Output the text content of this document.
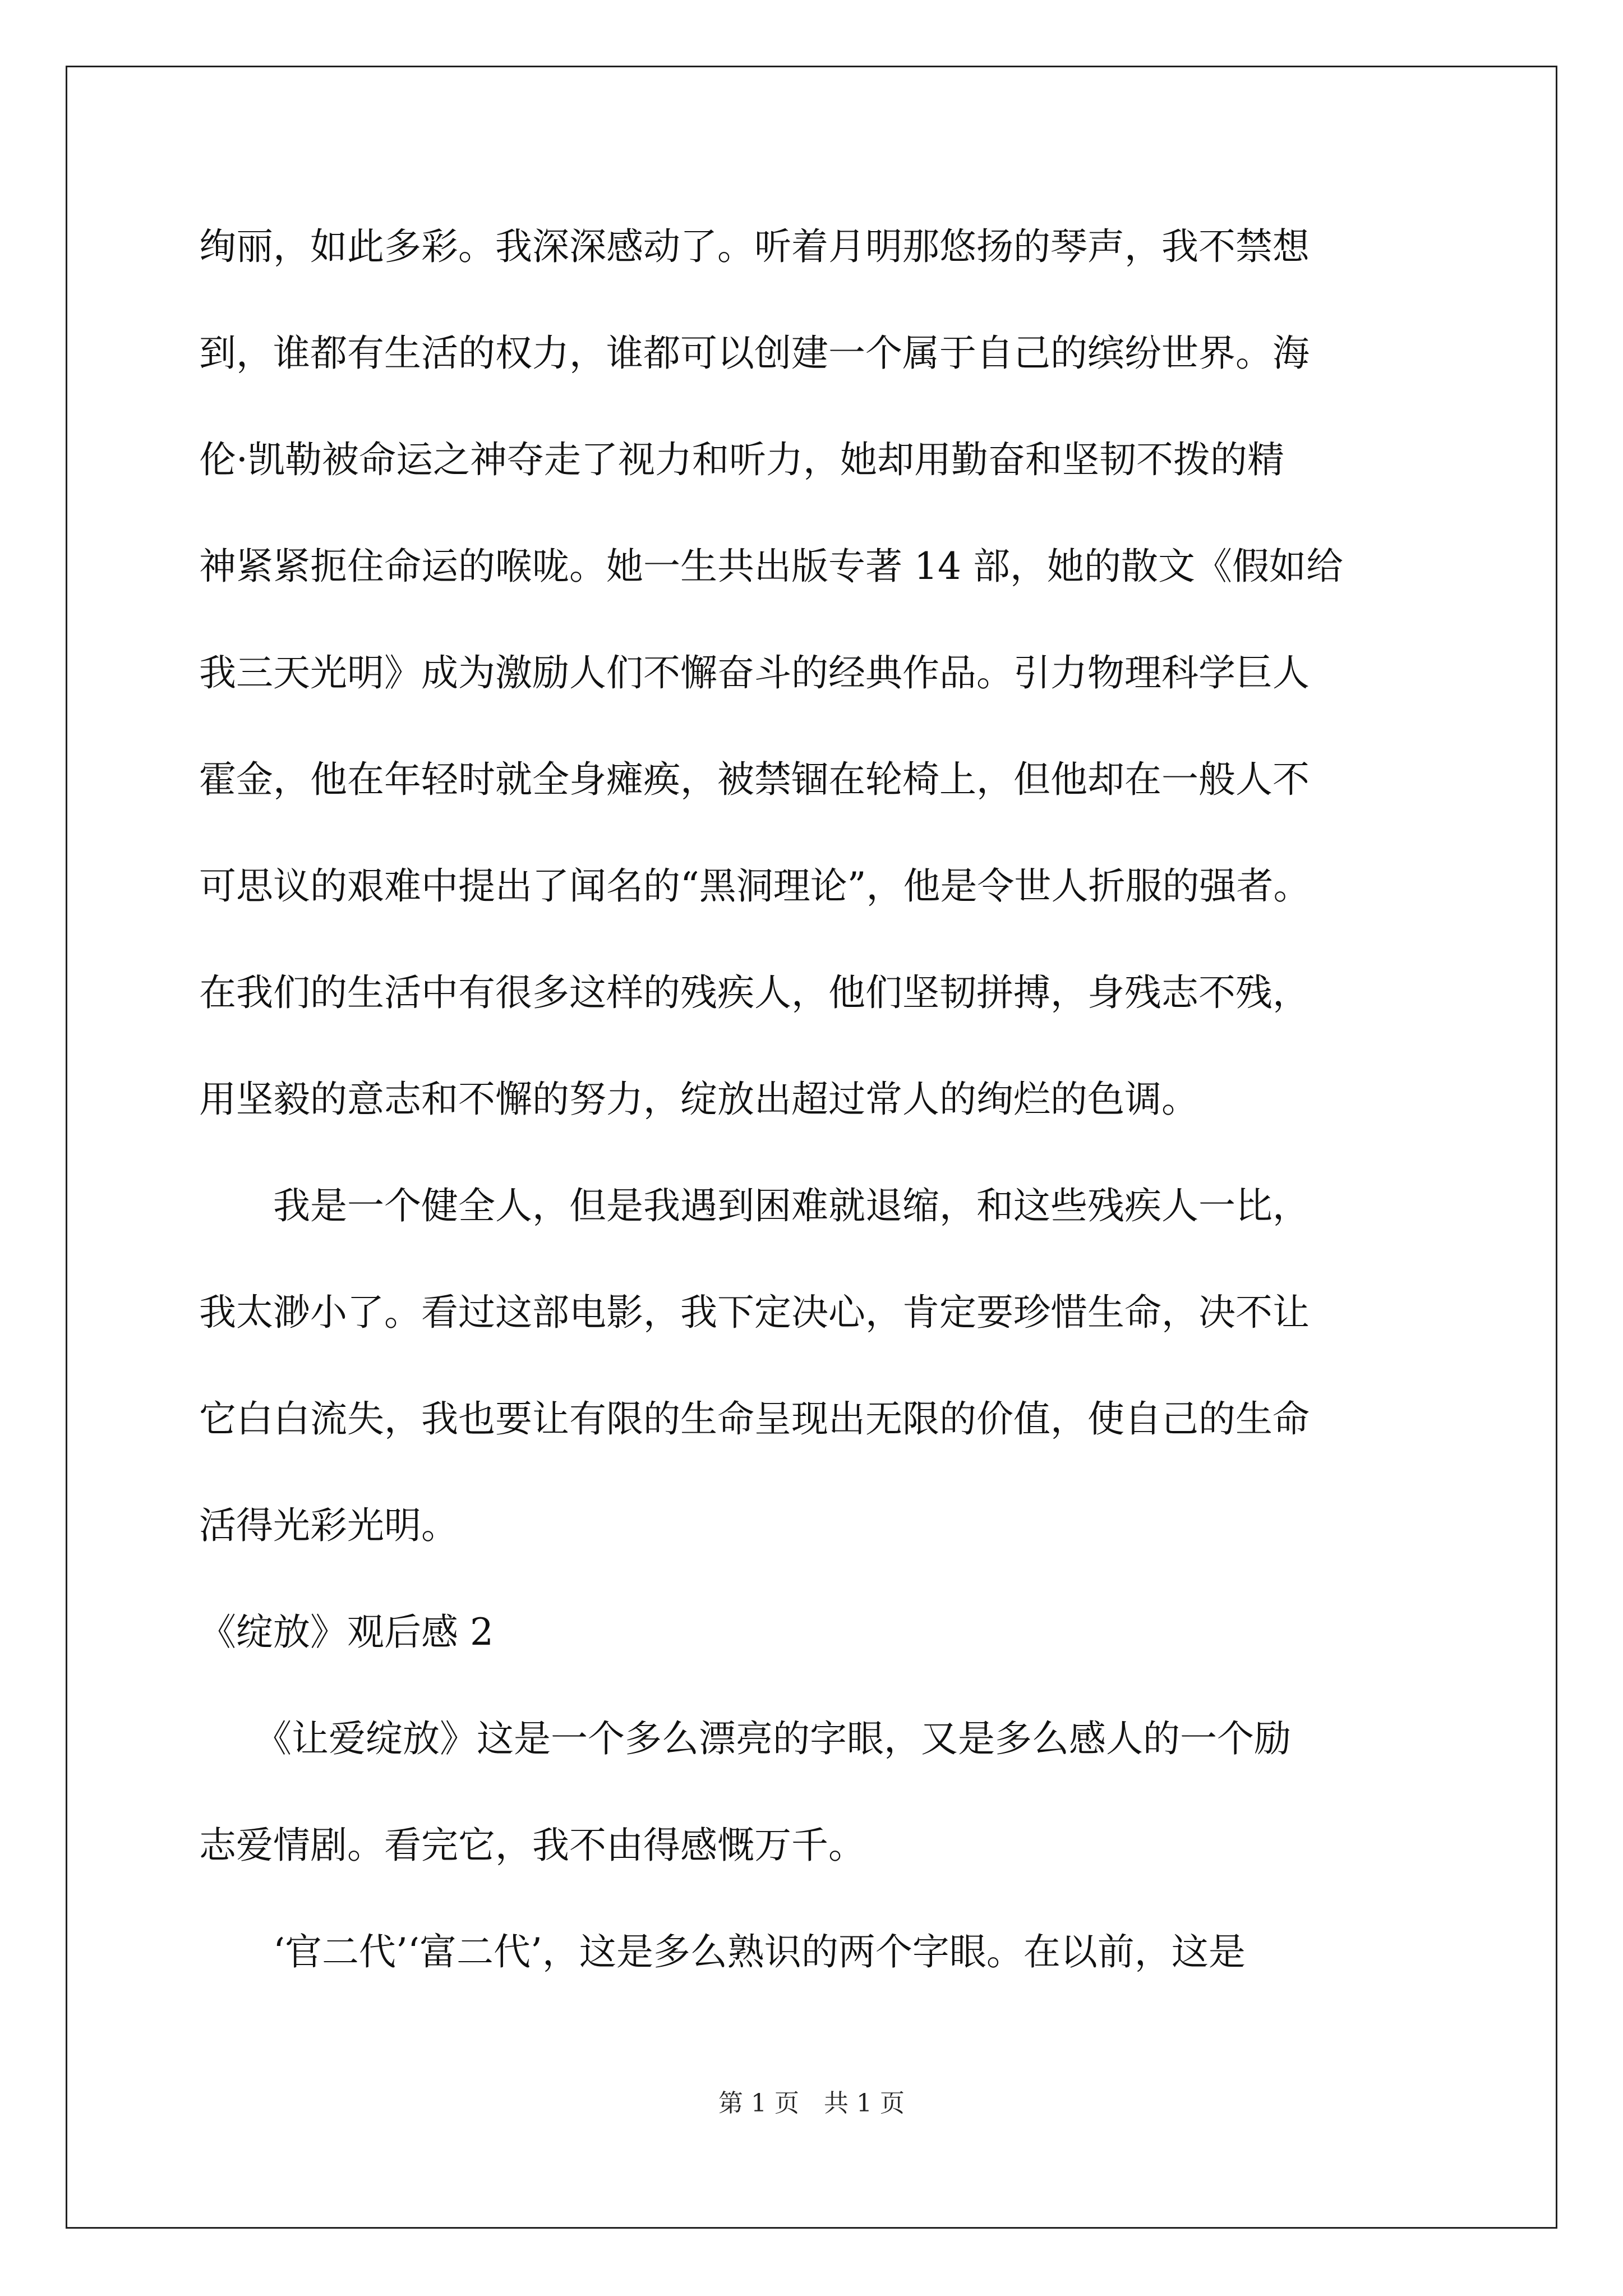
绚丽，如此多彩。我深深感动了。听着月明那悠扬的琴声，我不禁想
到，谁都有生活的权力，谁都可以创建一个属于自己的缤纷世界。海
伦·凯勒被命运之神夺走了视力和听力，她却用勤奋和坚韧不拨的精
神紧紧扼住命运的喉咙。她一生共出版专著 14 部，她的散文《假如给
我三天光明》成为激励人们不懈奋斗的经典作品。引力物理科学巨人
霍金，他在年轻时就全身瘫痪，被禁锢在轮椅上，但他却在一般人不
可思议的艰难中提出了闻名的“黑洞理论”，他是令世人折服的强者。
在我们的生活中有很多这样的残疾人，他们坚韧拼搏，身残志不残，
用坚毅的意志和不懈的努力，绽放出超过常人的绚烂的色调。
　　我是一个健全人，但是我遇到困难就退缩，和这些残疾人一比，
我太渺小了。看过这部电影，我下定决心，肯定要珍惜生命，决不让
它白白流失，我也要让有限的生命呈现出无限的价值，使自己的生命
活得光彩光明。
《绽放》观后感 2
　　《让爱绽放》这是一个多么漂亮的字眼，又是多么感人的一个励
志爱情剧。看完它，我不由得感慨万千。
　　‘官二代’‘富二代’，这是多么熟识的两个字眼。在以前，这是
第 1 页　共 1 页
